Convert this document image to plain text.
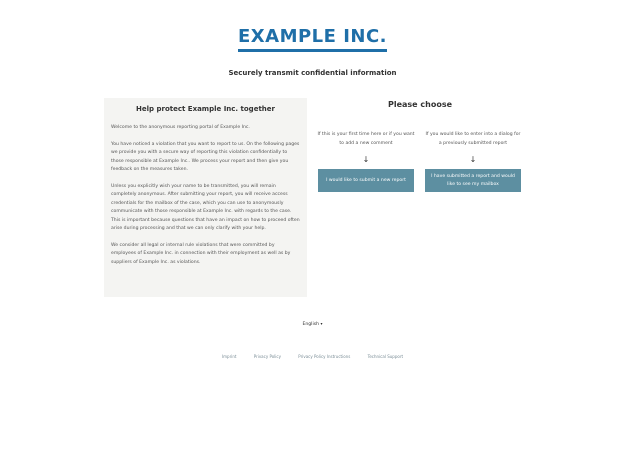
EXAMPLE INC.
Securely transmit confidential information
Help protect Example Inc. together

Welcome to the anonymous reporting portal of Example Inc.

You have noticed a violation that you want to report to us. On the following pages we provide you with a secure way of reporting this violation confidentially to those responsible at Example Inc.. We process your report and then give you feedback on the measures taken.

Unless you explicitly wish your name to be transmitted, you will remain completely anonymous. After submitting your report, you will receive access credentials for the mailbox of the case, which you can use to anonymously communicate with those responsible at Example Inc. with regards to the case. This is important because questions that have an impact on how to proceed often arise during processing and that we can only clarify with your help.

We consider all legal or internal rule violations that were committed by employees of Example Inc. in connection with their employment as well as by suppliers of Example Inc. as violations.

Please choose
If this is your first time here or if you want to add a new comment
↓
I would like to submit a new report
If you would like to enter into a dialog for a previously submitted report
↓
I have submitted a report and would like to see my mailbox
English ▾
Imprint	Privacy Policy	Privacy Policy Instructions	Technical Support
